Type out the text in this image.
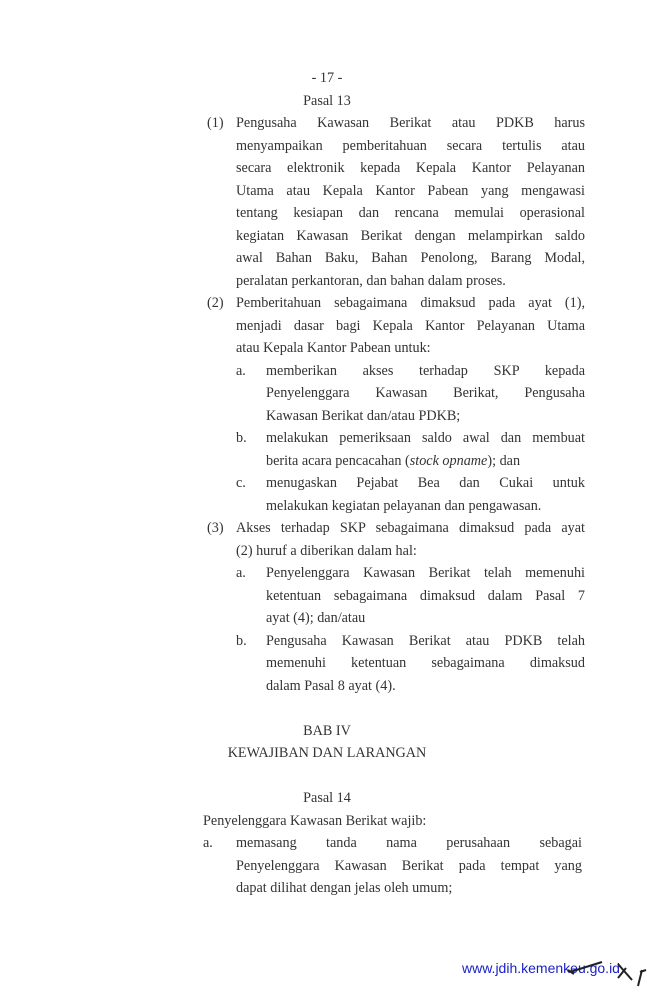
- 17 -
Pasal 13
(1) Pengusaha Kawasan Berikat atau PDKB harus
menyampaikan pemberitahuan secara tertulis atau
secara elektronik kepada Kepala Kantor Pelayanan
Utama atau Kepala Kantor Pabean yang mengawasi
tentang kesiapan dan rencana memulai operasional
kegiatan Kawasan Berikat dengan melampirkan saldo
awal Bahan Baku, Bahan Penolong, Barang Modal,
peralatan perkantoran, dan bahan dalam proses.
(2) Pemberitahuan sebagaimana dimaksud pada ayat (1),
menjadi dasar bagi Kepala Kantor Pelayanan Utama
atau Kepala Kantor Pabean untuk:
a.	memberikan akses terhadap SKP kepada
Penyelenggara Kawasan Berikat, Pengusaha
Kawasan Berikat dan/atau PDKB;
b.	melakukan pemeriksaan saldo awal dan membuat
berita acara pencacahan (stock opname); dan
c.	menugaskan Pejabat Bea dan Cukai untuk
melakukan kegiatan pelayanan dan pengawasan.
(3) Akses terhadap SKP sebagaimana dimaksud pada ayat
(2) huruf a diberikan dalam hal:
a.	Penyelenggara Kawasan Berikat telah memenuhi
ketentuan sebagaimana dimaksud dalam Pasal 7
ayat (4); dan/atau
b.	Pengusaha Kawasan Berikat atau PDKB telah
memenuhi ketentuan sebagaimana dimaksud
dalam Pasal 8 ayat (4).
BAB IV
KEWAJIBAN DAN LARANGAN
Pasal 14
Penyelenggara Kawasan Berikat wajib:
a.	memasang tanda nama perusahaan sebagai
Penyelenggara Kawasan Berikat pada tempat yang
dapat dilihat dengan jelas oleh umum;
www.jdih.kemenkeu.go.id
